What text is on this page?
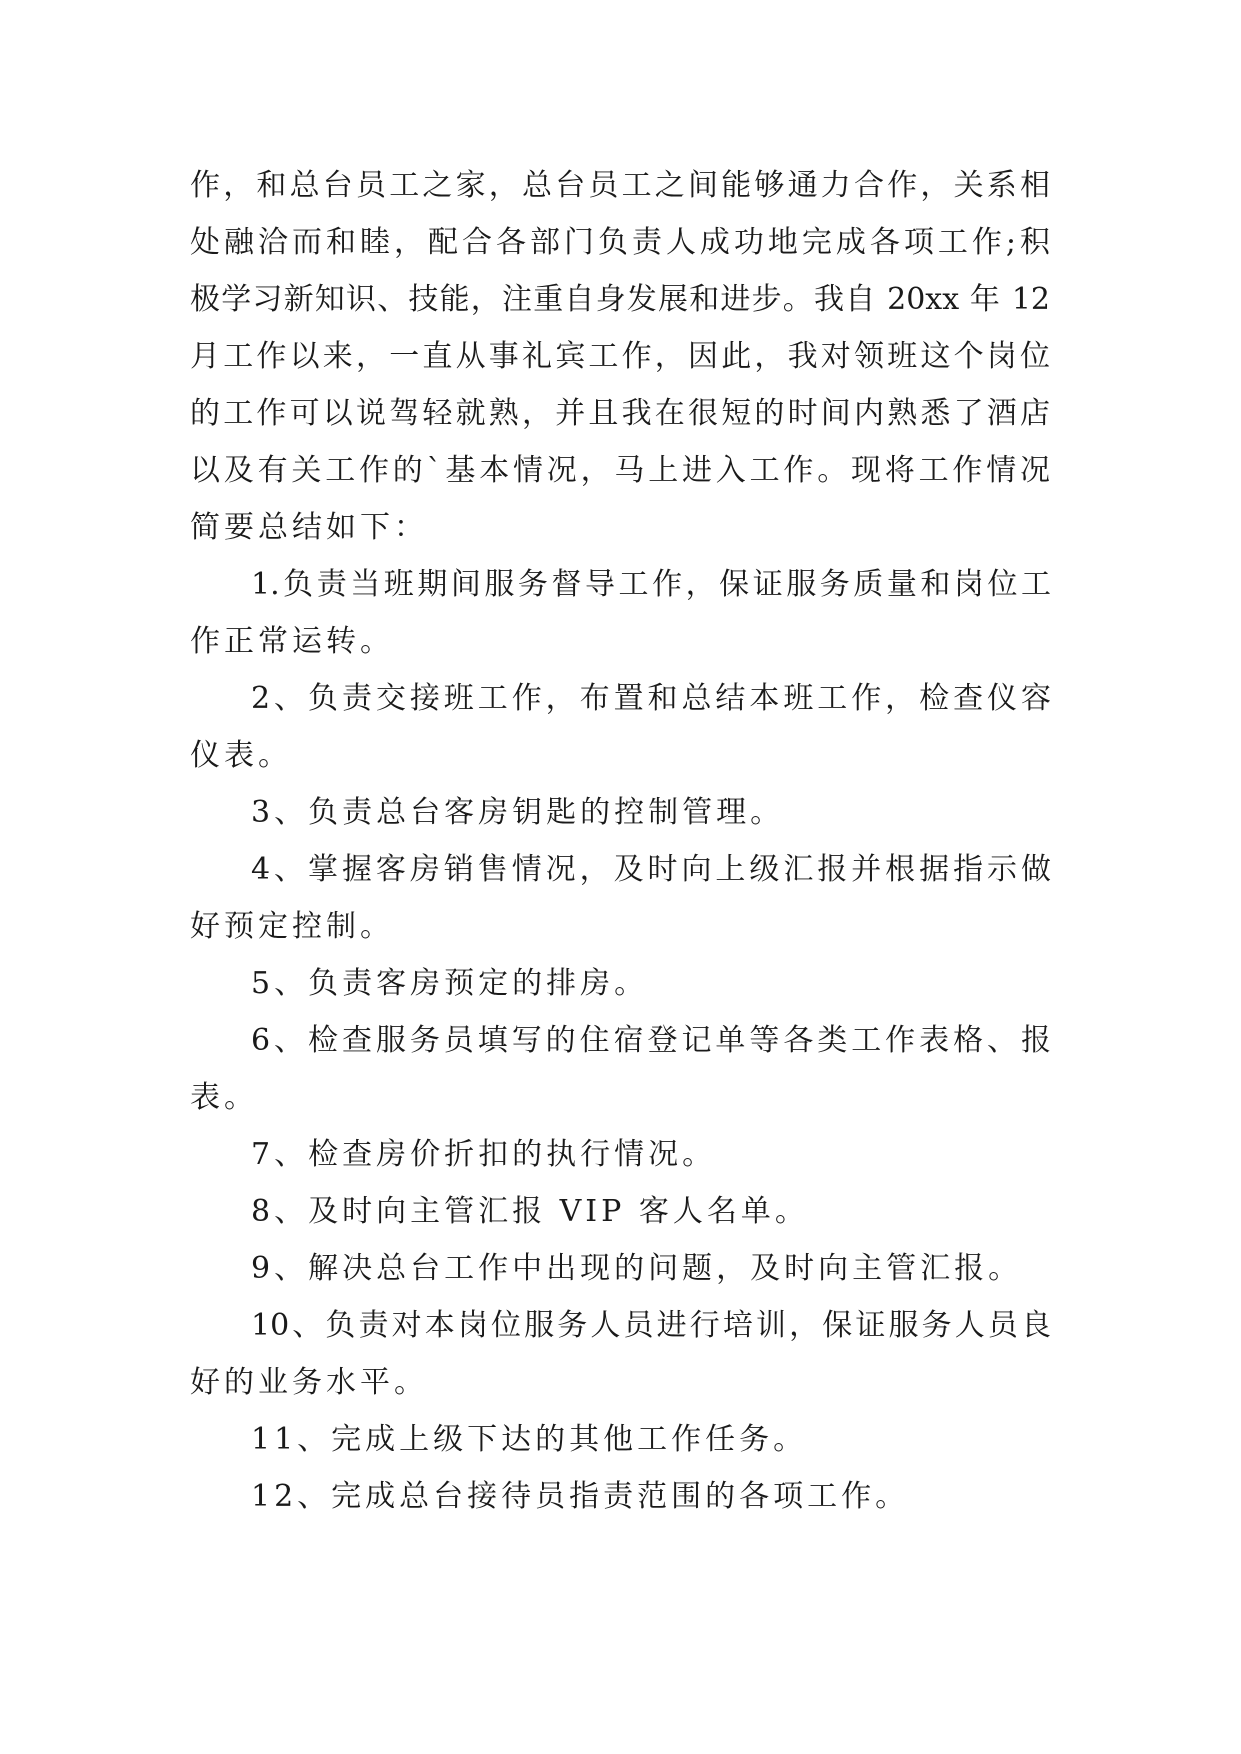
作，和总台员工之家，总台员工之间能够通力合作，关系相
处融洽而和睦，配合各部门负责人成功地完成各项工作;积
极学习新知识、技能，注重自身发展和进步。我自 20xx 年 12
月工作以来，一直从事礼宾工作，因此，我对领班这个岗位
的工作可以说驾轻就熟，并且我在很短的时间内熟悉了酒店
以及有关工作的`基本情况，马上进入工作。现将工作情况
简要总结如下：
1.负责当班期间服务督导工作，保证服务质量和岗位工
作正常运转。
2、负责交接班工作，布置和总结本班工作，检查仪容
仪表。
3、负责总台客房钥匙的控制管理。
4、掌握客房销售情况，及时向上级汇报并根据指示做
好预定控制。
5、负责客房预定的排房。
6、检查服务员填写的住宿登记单等各类工作表格、报
表。
7、检查房价折扣的执行情况。
8、及时向主管汇报 VIP 客人名单。
9、解决总台工作中出现的问题，及时向主管汇报。
10、负责对本岗位服务人员进行培训，保证服务人员良
好的业务水平。
11、完成上级下达的其他工作任务。
12、完成总台接待员指责范围的各项工作。
